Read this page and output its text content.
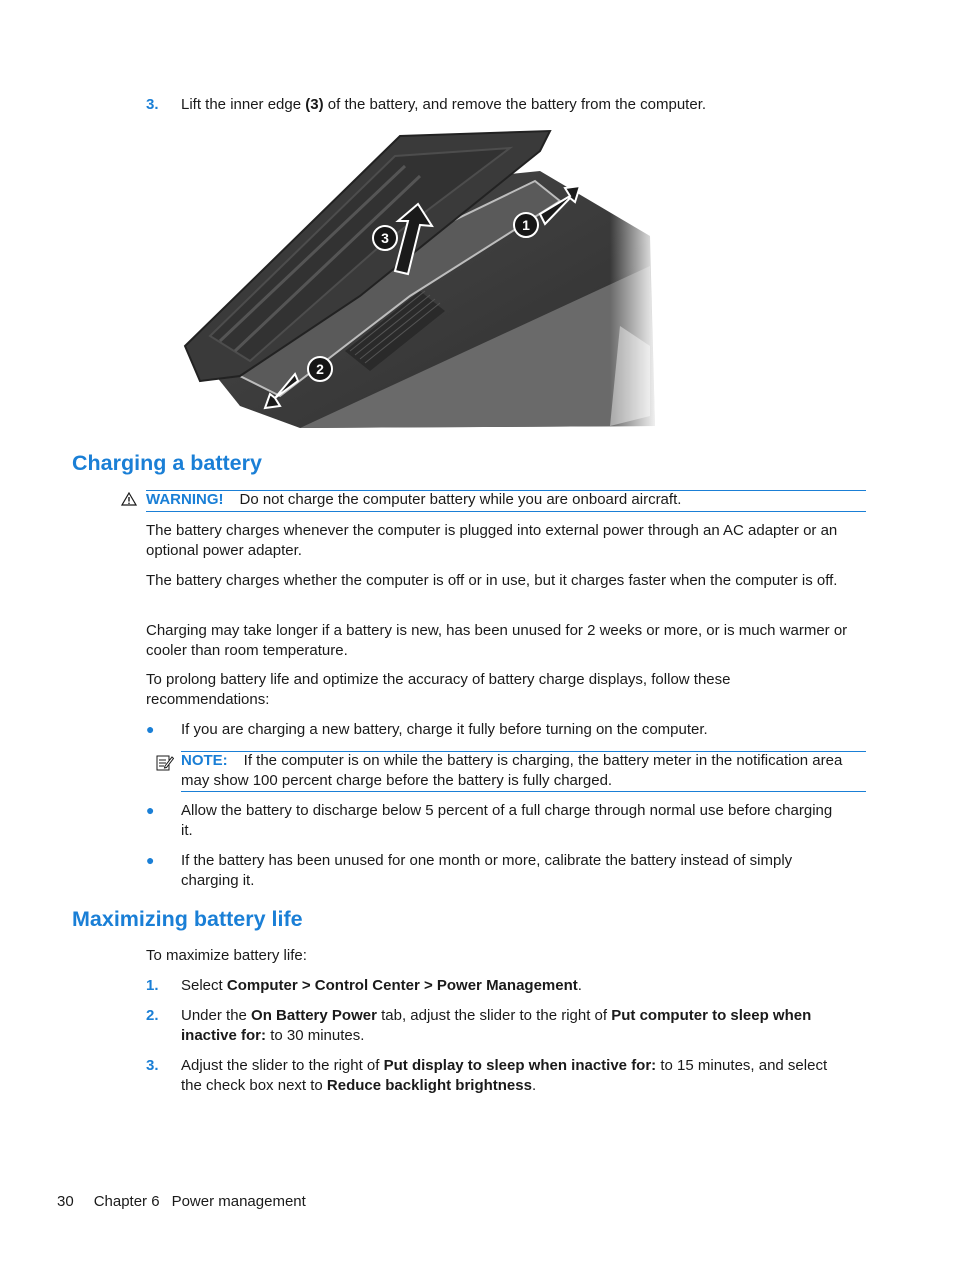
3.	Lift the inner edge (3) of the battery, and remove the battery from the computer.
3
1
2
Charging a battery
WARNING! Do not charge the computer battery while you are onboard aircraft.
The battery charges whenever the computer is plugged into external power through an AC adapter or an optional power adapter.
The battery charges whether the computer is off or in use, but it charges faster when the computer is off.
Charging may take longer if a battery is new, has been unused for 2 weeks or more, or is much warmer or cooler than room temperature.
To prolong battery life and optimize the accuracy of battery charge displays, follow these recommendations:
● If you are charging a new battery, charge it fully before turning on the computer.
NOTE: If the computer is on while the battery is charging, the battery meter in the notification area may show 100 percent charge before the battery is fully charged.
● Allow the battery to discharge below 5 percent of a full charge through normal use before charging it.
● If the battery has been unused for one month or more, calibrate the battery instead of simply charging it.
Maximizing battery life
To maximize battery life:
1.	Select Computer > Control Center > Power Management.
2.	Under the On Battery Power tab, adjust the slider to the right of Put computer to sleep when inactive for: to 30 minutes.
3.	Adjust the slider to the right of Put display to sleep when inactive for: to 15 minutes, and select the check box next to Reduce backlight brightness.
30 Chapter 6 Power management
